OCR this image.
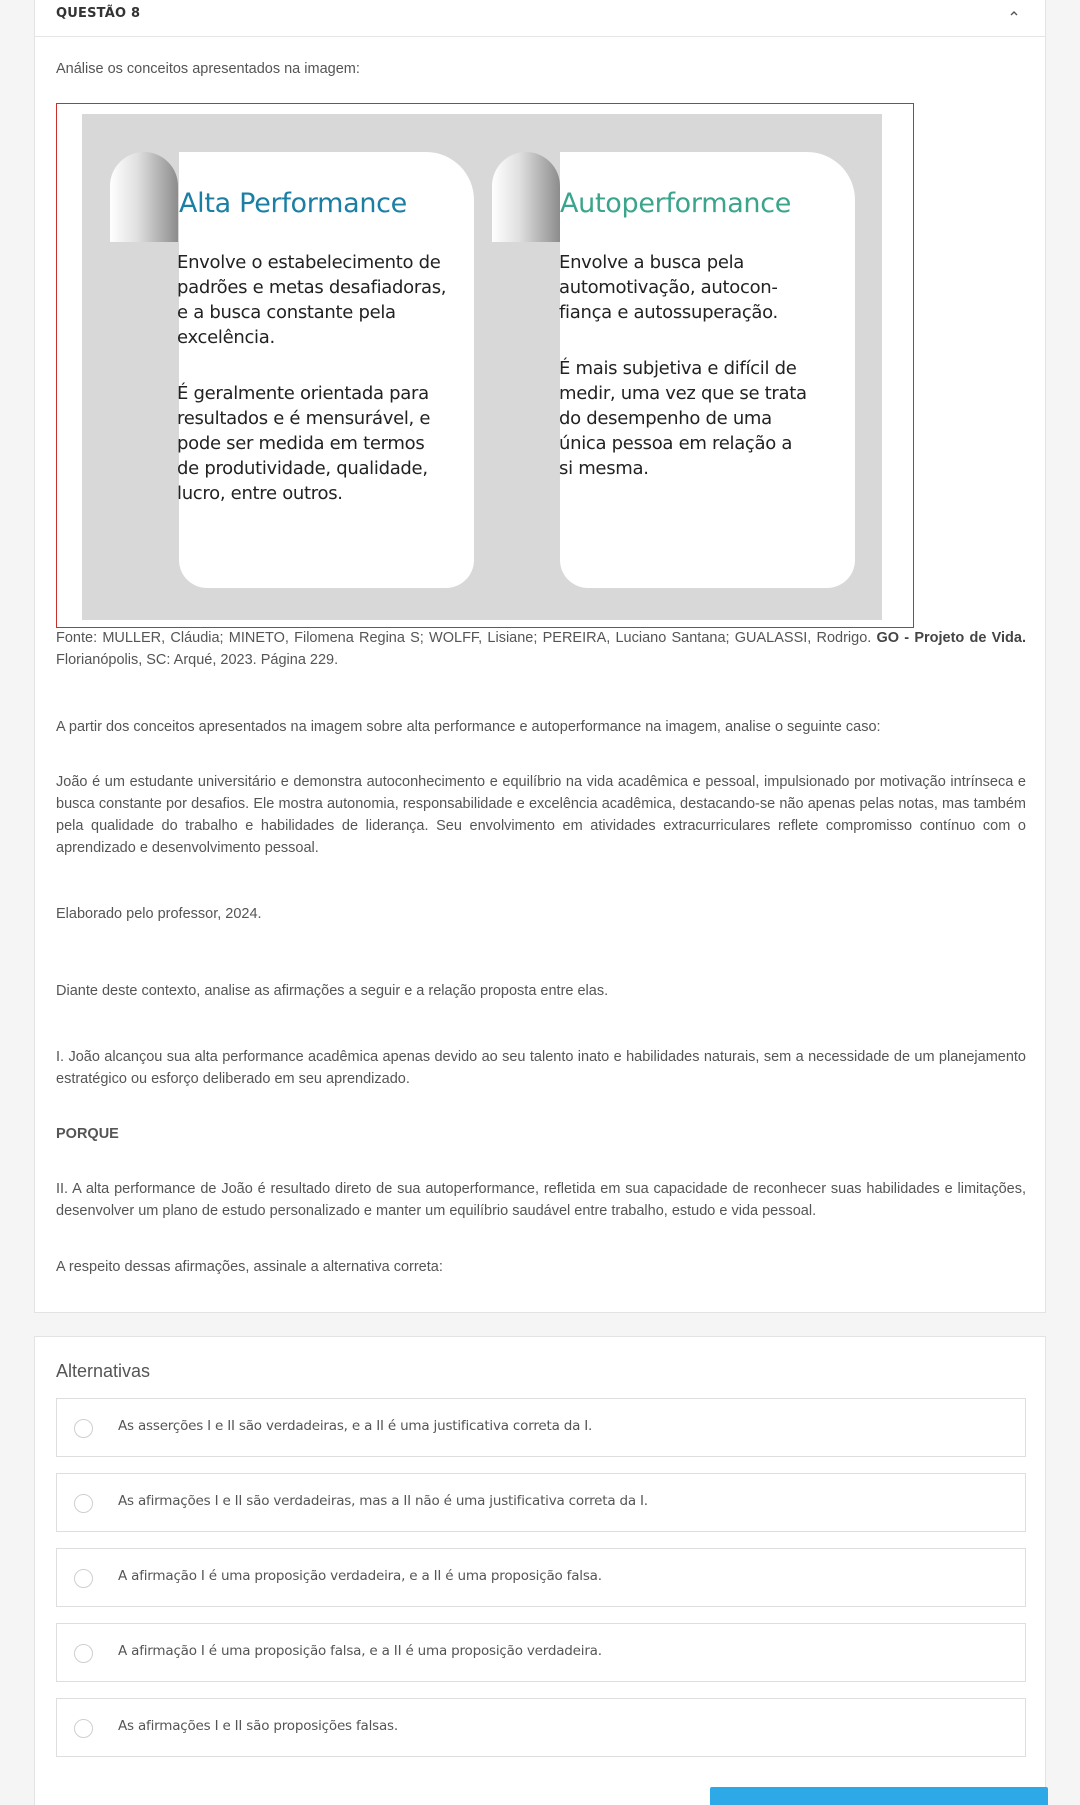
QUESTÃO 8
Análise os conceitos apresentados na imagem:
Alta Performance	Autoperformance
Envolve o estabelecimento de padrões e metas desafiadoras, e a busca constante pela excelência.
É geralmente orientada para resultados e é mensurável, e pode ser medida em termos de produtividade, qualidade, lucro, entre outros.
Envolve a busca pela automotivação, autocon-fiança e autossuperação.
É mais subjetiva e difícil de medir, uma vez que se trata do desempenho de uma única pessoa em relação a si mesma.
Fonte: MULLER, Cláudia; MINETO, Filomena Regina S; WOLFF, Lisiane; PEREIRA, Luciano Santana; GUALASSI, Rodrigo. GO - Projeto de Vida. Florianópolis, SC: Arqué, 2023. Página 229.
A partir dos conceitos apresentados na imagem sobre alta performance e autoperformance na imagem, analise o seguinte caso:
João é um estudante universitário e demonstra autoconhecimento e equilíbrio na vida acadêmica e pessoal, impulsionado por motivação intrínseca e busca constante por desafios. Ele mostra autonomia, responsabilidade e excelência acadêmica, destacando-se não apenas pelas notas, mas também pela qualidade do trabalho e habilidades de liderança. Seu envolvimento em atividades extracurriculares reflete compromisso contínuo com o aprendizado e desenvolvimento pessoal.
Elaborado pelo professor, 2024.
Diante deste contexto, analise as afirmações a seguir e a relação proposta entre elas.
I. João alcançou sua alta performance acadêmica apenas devido ao seu talento inato e habilidades naturais, sem a necessidade de um planejamento estratégico ou esforço deliberado em seu aprendizado.
PORQUE
II. A alta performance de João é resultado direto de sua autoperformance, refletida em sua capacidade de reconhecer suas habilidades e limitações, desenvolver um plano de estudo personalizado e manter um equilíbrio saudável entre trabalho, estudo e vida pessoal.
A respeito dessas afirmações, assinale a alternativa correta:
Alternativas
As asserções I e II são verdadeiras, e a II é uma justificativa correta da I.
As afirmações I e II são verdadeiras, mas a II não é uma justificativa correta da I.
A afirmação I é uma proposição verdadeira, e a II é uma proposição falsa.
A afirmação I é uma proposição falsa, e a II é uma proposição verdadeira.
As afirmações I e II são proposições falsas.
